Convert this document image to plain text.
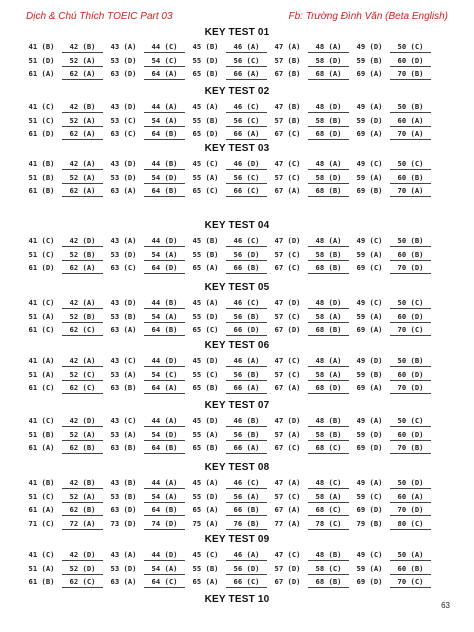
Dịch & Chú Thích TOEIC Part 03	Fb: Trường Đình Văn (Beta English)
KEY TEST 01
41 (B)	42 (B)	43 (A)	44 (C)	45 (B)	46 (A)	47 (A)	48 (A)	49 (D)	50 (C)
51 (D)	52 (A)	53 (D)	54 (C)	55 (D)	56 (C)	57 (B)	58 (D)	59 (B)	60 (D)
61 (A)	62 (A)	63 (D)	64 (A)	65 (B)	66 (A)	67 (B)	68 (A)	69 (A)	70 (B)
KEY TEST 02
41 (C)	42 (B)	43 (D)	44 (A)	45 (A)	46 (C)	47 (B)	48 (D)	49 (A)	50 (B)
51 (C)	52 (A)	53 (C)	54 (A)	55 (B)	56 (C)	57 (B)	58 (B)	59 (D)	60 (A)
61 (D)	62 (A)	63 (C)	64 (B)	65 (D)	66 (A)	67 (C)	68 (D)	69 (A)	70 (A)
KEY TEST 03
41 (B)	42 (A)	43 (D)	44 (B)	45 (C)	46 (D)	47 (C)	48 (A)	49 (C)	50 (C)
51 (B)	52 (A)	53 (D)	54 (D)	55 (A)	56 (C)	57 (C)	58 (D)	59 (A)	60 (B)
61 (B)	62 (A)	63 (A)	64 (B)	65 (C)	66 (C)	67 (A)	68 (B)	69 (B)	70 (A)
KEY TEST 04
41 (C)	42 (D)	43 (A)	44 (D)	45 (B)	46 (C)	47 (D)	48 (A)	49 (C)	50 (B)
51 (C)	52 (B)	53 (D)	54 (A)	55 (B)	56 (D)	57 (C)	58 (B)	59 (A)	60 (B)
61 (D)	62 (A)	63 (C)	64 (D)	65 (A)	66 (B)	67 (C)	68 (B)	69 (C)	70 (D)
KEY TEST 05
41 (C)	42 (A)	43 (D)	44 (B)	45 (A)	46 (C)	47 (D)	48 (D)	49 (C)	50 (C)
51 (A)	52 (B)	53 (B)	54 (A)	55 (D)	56 (B)	57 (C)	58 (A)	59 (A)	60 (D)
61 (C)	62 (C)	63 (A)	64 (B)	65 (C)	66 (D)	67 (D)	68 (B)	69 (A)	70 (C)
KEY TEST 06
41 (A)	42 (A)	43 (C)	44 (D)	45 (D)	46 (A)	47 (C)	48 (A)	49 (D)	50 (B)
51 (A)	52 (C)	53 (A)	54 (C)	55 (C)	56 (B)	57 (C)	58 (A)	59 (B)	60 (D)
61 (C)	62 (C)	63 (B)	64 (A)	65 (B)	66 (A)	67 (A)	68 (D)	69 (A)	70 (D)
KEY TEST 07
41 (C)	42 (D)	43 (C)	44 (A)	45 (D)	46 (B)	47 (D)	48 (B)	49 (A)	50 (C)
51 (B)	52 (A)	53 (A)	54 (D)	55 (A)	56 (B)	57 (A)	58 (B)	59 (D)	60 (D)
61 (A)	62 (B)	63 (B)	64 (B)	65 (B)	66 (A)	67 (C)	68 (C)	69 (D)	70 (B)
KEY TEST 08
41 (B)	42 (B)	43 (B)	44 (A)	45 (A)	46 (C)	47 (A)	48 (C)	49 (A)	50 (D)
51 (C)	52 (A)	53 (B)	54 (A)	55 (D)	56 (A)	57 (C)	58 (A)	59 (C)	60 (A)
61 (A)	62 (B)	63 (D)	64 (B)	65 (A)	66 (B)	67 (A)	68 (C)	69 (D)	70 (D)
71 (C)	72 (A)	73 (D)	74 (D)	75 (A)	76 (B)	77 (A)	78 (C)	79 (B)	80 (C)
KEY TEST 09
41 (C)	42 (D)	43 (A)	44 (D)	45 (C)	46 (A)	47 (C)	48 (B)	49 (C)	50 (A)
51 (A)	52 (D)	53 (D)	54 (A)	55 (B)	56 (D)	57 (D)	58 (C)	59 (A)	60 (B)
61 (B)	62 (C)	63 (A)	64 (C)	65 (A)	66 (C)	67 (D)	68 (B)	69 (D)	70 (C)
KEY TEST 10
63
